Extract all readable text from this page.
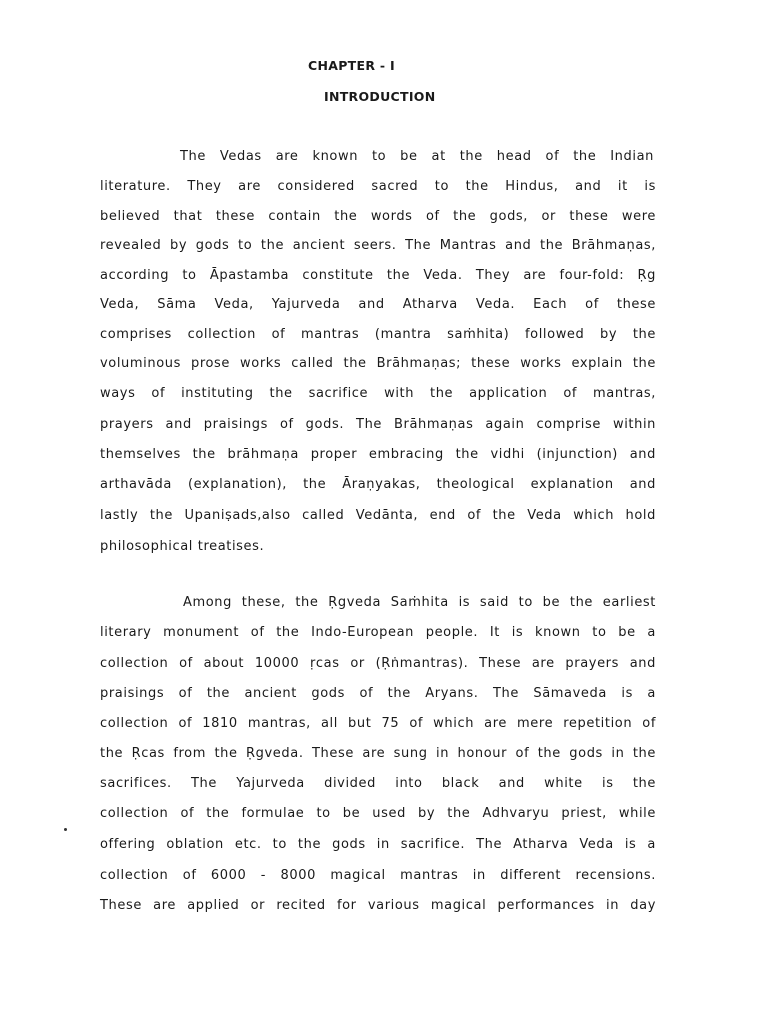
CHAPTER - I
INTRODUCTION
The Vedas are known to be at the head of the Indian
literature. They are considered sacred to the Hindus, and it is
believed that these contain the words of the gods, or these were
revealed by gods to the ancient seers. The Mantras and the Brāhmaṇas,
according to Āpastamba constitute the Veda. They are four-fold: Ṛg
Veda, Sāma Veda, Yajurveda and Atharva Veda. Each of these
comprises collection of mantras (mantra saṁhita) followed by the
voluminous prose works called the Brāhmaṇas; these works explain the
ways of instituting the sacrifice with the application of mantras,
prayers and praisings of gods. The Brāhmaṇas again comprise within
themselves the brāhmaṇa proper embracing the vidhi (injunction) and
arthavāda (explanation), the Āraṇyakas, theological explanation and
lastly the Upaniṣads,also called Vedānta, end of the Veda which hold
philosophical treatises.
Among these, the Ṛgveda Saṁhita is said to be the earliest
literary monument of the Indo-European people. It is known to be a
collection of about 10000 ṛcas or (Ṛṅmantras). These are prayers and
praisings of the ancient gods of the Aryans. The Sāmaveda is a
collection of 1810 mantras, all but 75 of which are mere repetition of
the Ṛcas from the Ṛgveda. These are sung in honour of the gods in the
sacrifices. The Yajurveda divided into black and white is the
collection of the formulae to be used by the Adhvaryu priest, while
offering oblation etc. to the gods in sacrifice. The Atharva Veda is a
collection of 6000 - 8000 magical mantras in different recensions.
These are applied or recited for various magical performances in day
